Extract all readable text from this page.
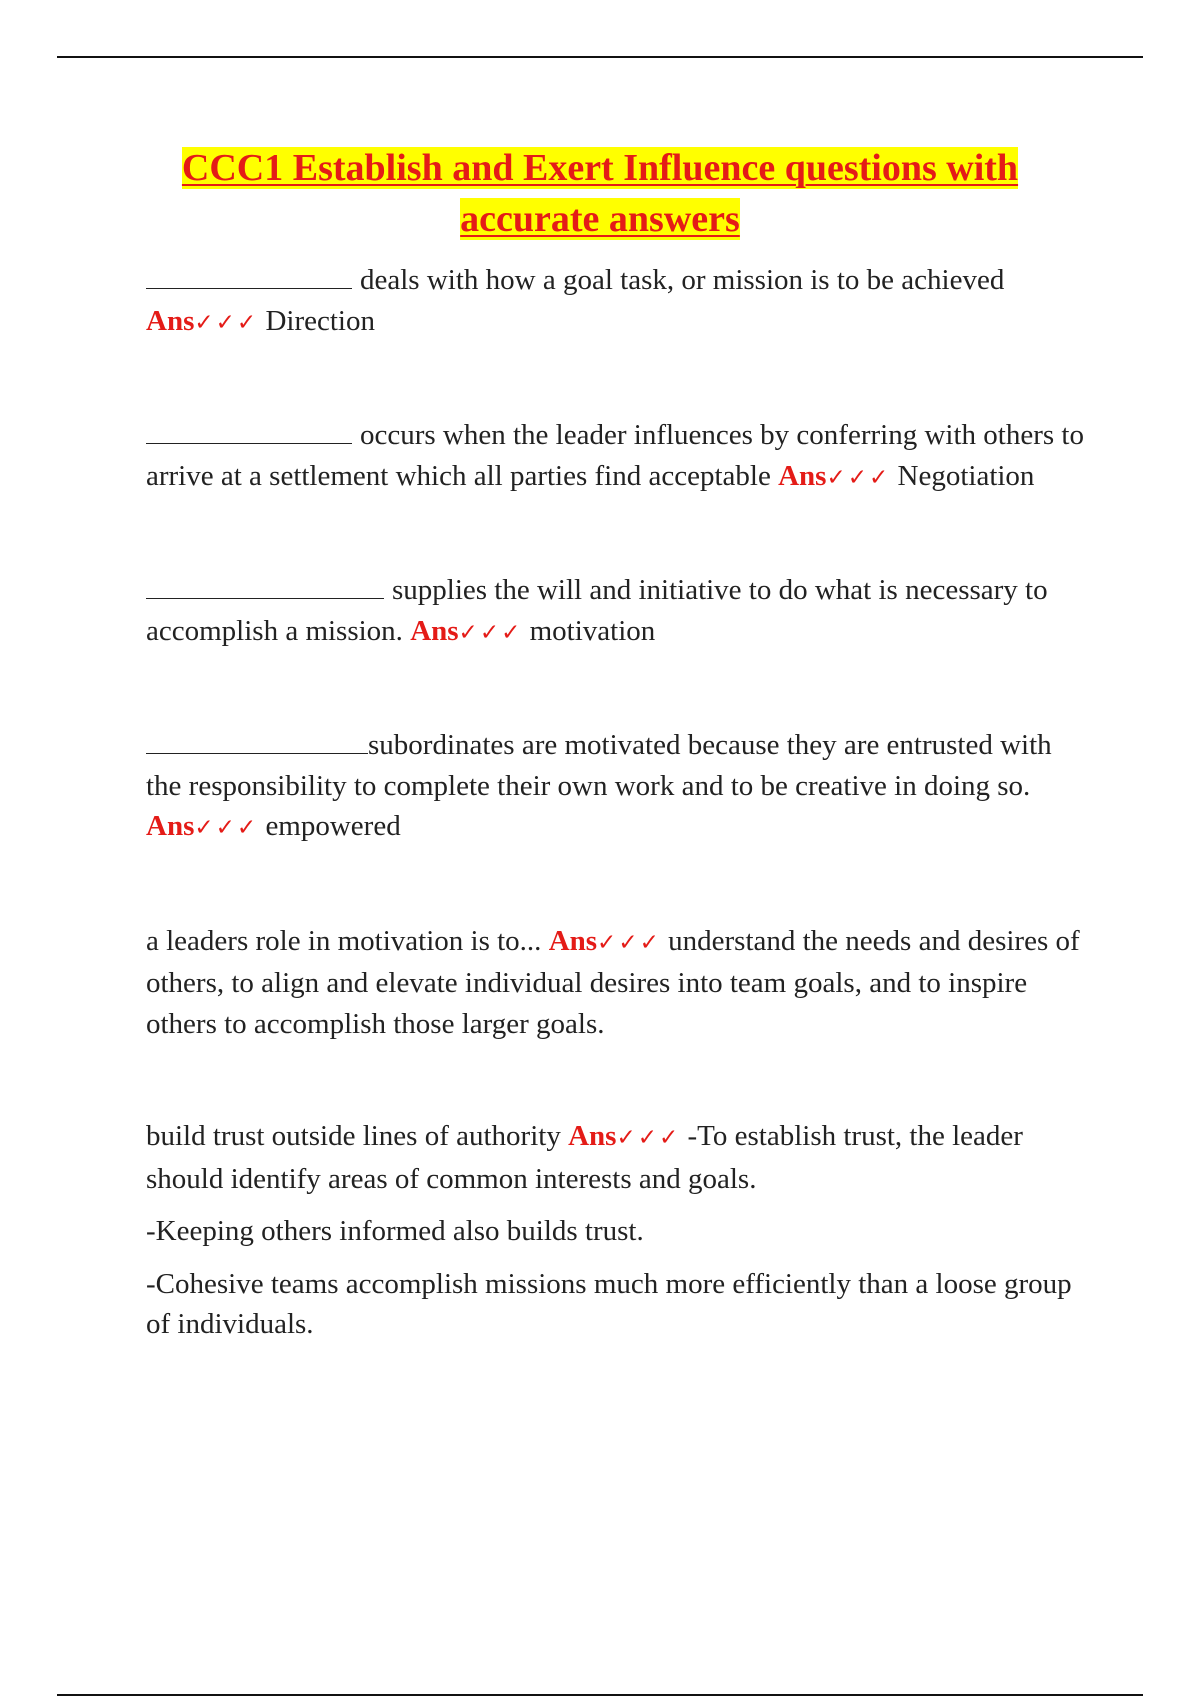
CCC1 Establish and Exert Influence questions with
accurate answers

deals with how a goal task, or mission is to be achieved Ans✓✓✓ Direction

occurs when the leader influences by conferring with others to arrive at a settlement which all parties find acceptable Ans✓✓✓ Negotiation

supplies the will and initiative to do what is necessary to accomplish a mission. Ans✓✓✓ motivation

subordinates are motivated because they are entrusted with the responsibility to complete their own work and to be creative in doing so. Ans✓✓✓ empowered

a leaders role in motivation is to... Ans✓✓✓ understand the needs and desires of others, to align and elevate individual desires into team goals, and to inspire others to accomplish those larger goals.

build trust outside lines of authority Ans✓✓✓ -To establish trust, the leader should identify areas of common interests and goals.

-Keeping others informed also builds trust.

-Cohesive teams accomplish missions much more efficiently than a loose group of individuals.
